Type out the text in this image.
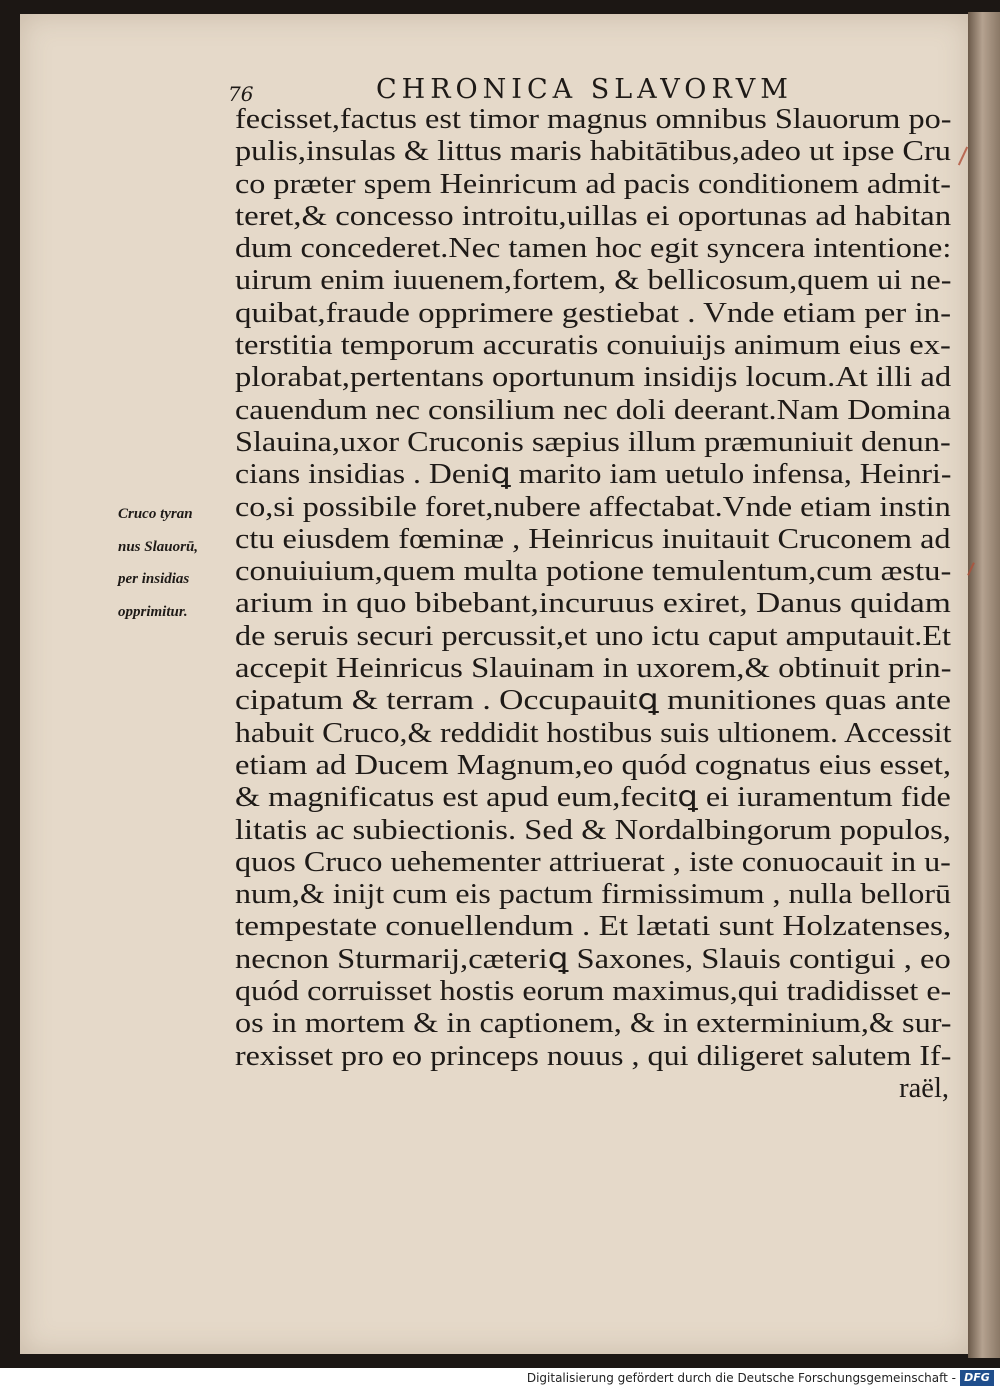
76	CHRONICA SLAVORVM
Cruco tyran
nus Slauorū,
per insidias
opprimitur.
fecisset,factus est timor magnus omnibus Slauorum po-
pulis,insulas & littus maris habitātibus,adeo ut ipse Cru
co præter spem Heinricum ad pacis conditionem admit-
teret,& concesso introitu,uillas ei oportunas ad habitan
dum concederet.Nec tamen hoc egit syncera intentione:
uirum enim iuuenem,fortem, & bellicosum,quem ui ne-
quibat,fraude opprimere gestiebat . Vnde etiam per in-
terstitia temporum accuratis conuiuijs animum eius ex-
plorabat,pertentans oportunum insidijs locum.At illi ad
cauendum nec consilium nec doli deerant.Nam Domina
Slauina,uxor Cruconis sæpius illum præmuniuit denun-
cians insidias . Deniꝗ marito iam uetulo infensa, Heinri-
co,si possibile foret,nubere affectabat.Vnde etiam instin
ctu eiusdem fœminæ , Heinricus inuitauit Cruconem ad
conuiuium,quem multa potione temulentum,cum æstu-
arium in quo bibebant,incuruus exiret, Danus quidam
de seruis securi percussit,et uno ictu caput amputauit.Et
accepit Heinricus Slauinam in uxorem,& obtinuit prin-
cipatum & terram . Occupauitꝗ munitiones quas ante
habuit Cruco,& reddidit hostibus suis ultionem. Accessit
etiam ad Ducem Magnum,eo quód cognatus eius esset,
& magnificatus est apud eum,fecitꝗ ei iuramentum fide
litatis ac subiectionis. Sed & Nordalbingorum populos,
quos Cruco uehementer attriuerat , iste conuocauit in u-
num,& inijt cum eis pactum firmissimum , nulla bellorū
tempestate conuellendum . Et lætati sunt Holzatenses,
necnon Sturmarij,cæteriꝗ Saxones, Slauis contigui , eo
quód corruisset hostis eorum maximus,qui tradidisset e-
os in mortem & in captionem, & in exterminium,& sur-
rexisset pro eo princeps nouus , qui diligeret salutem If-
raël,
Digitalisierung gefördert durch die Deutsche Forschungsgemeinschaft - DFG
